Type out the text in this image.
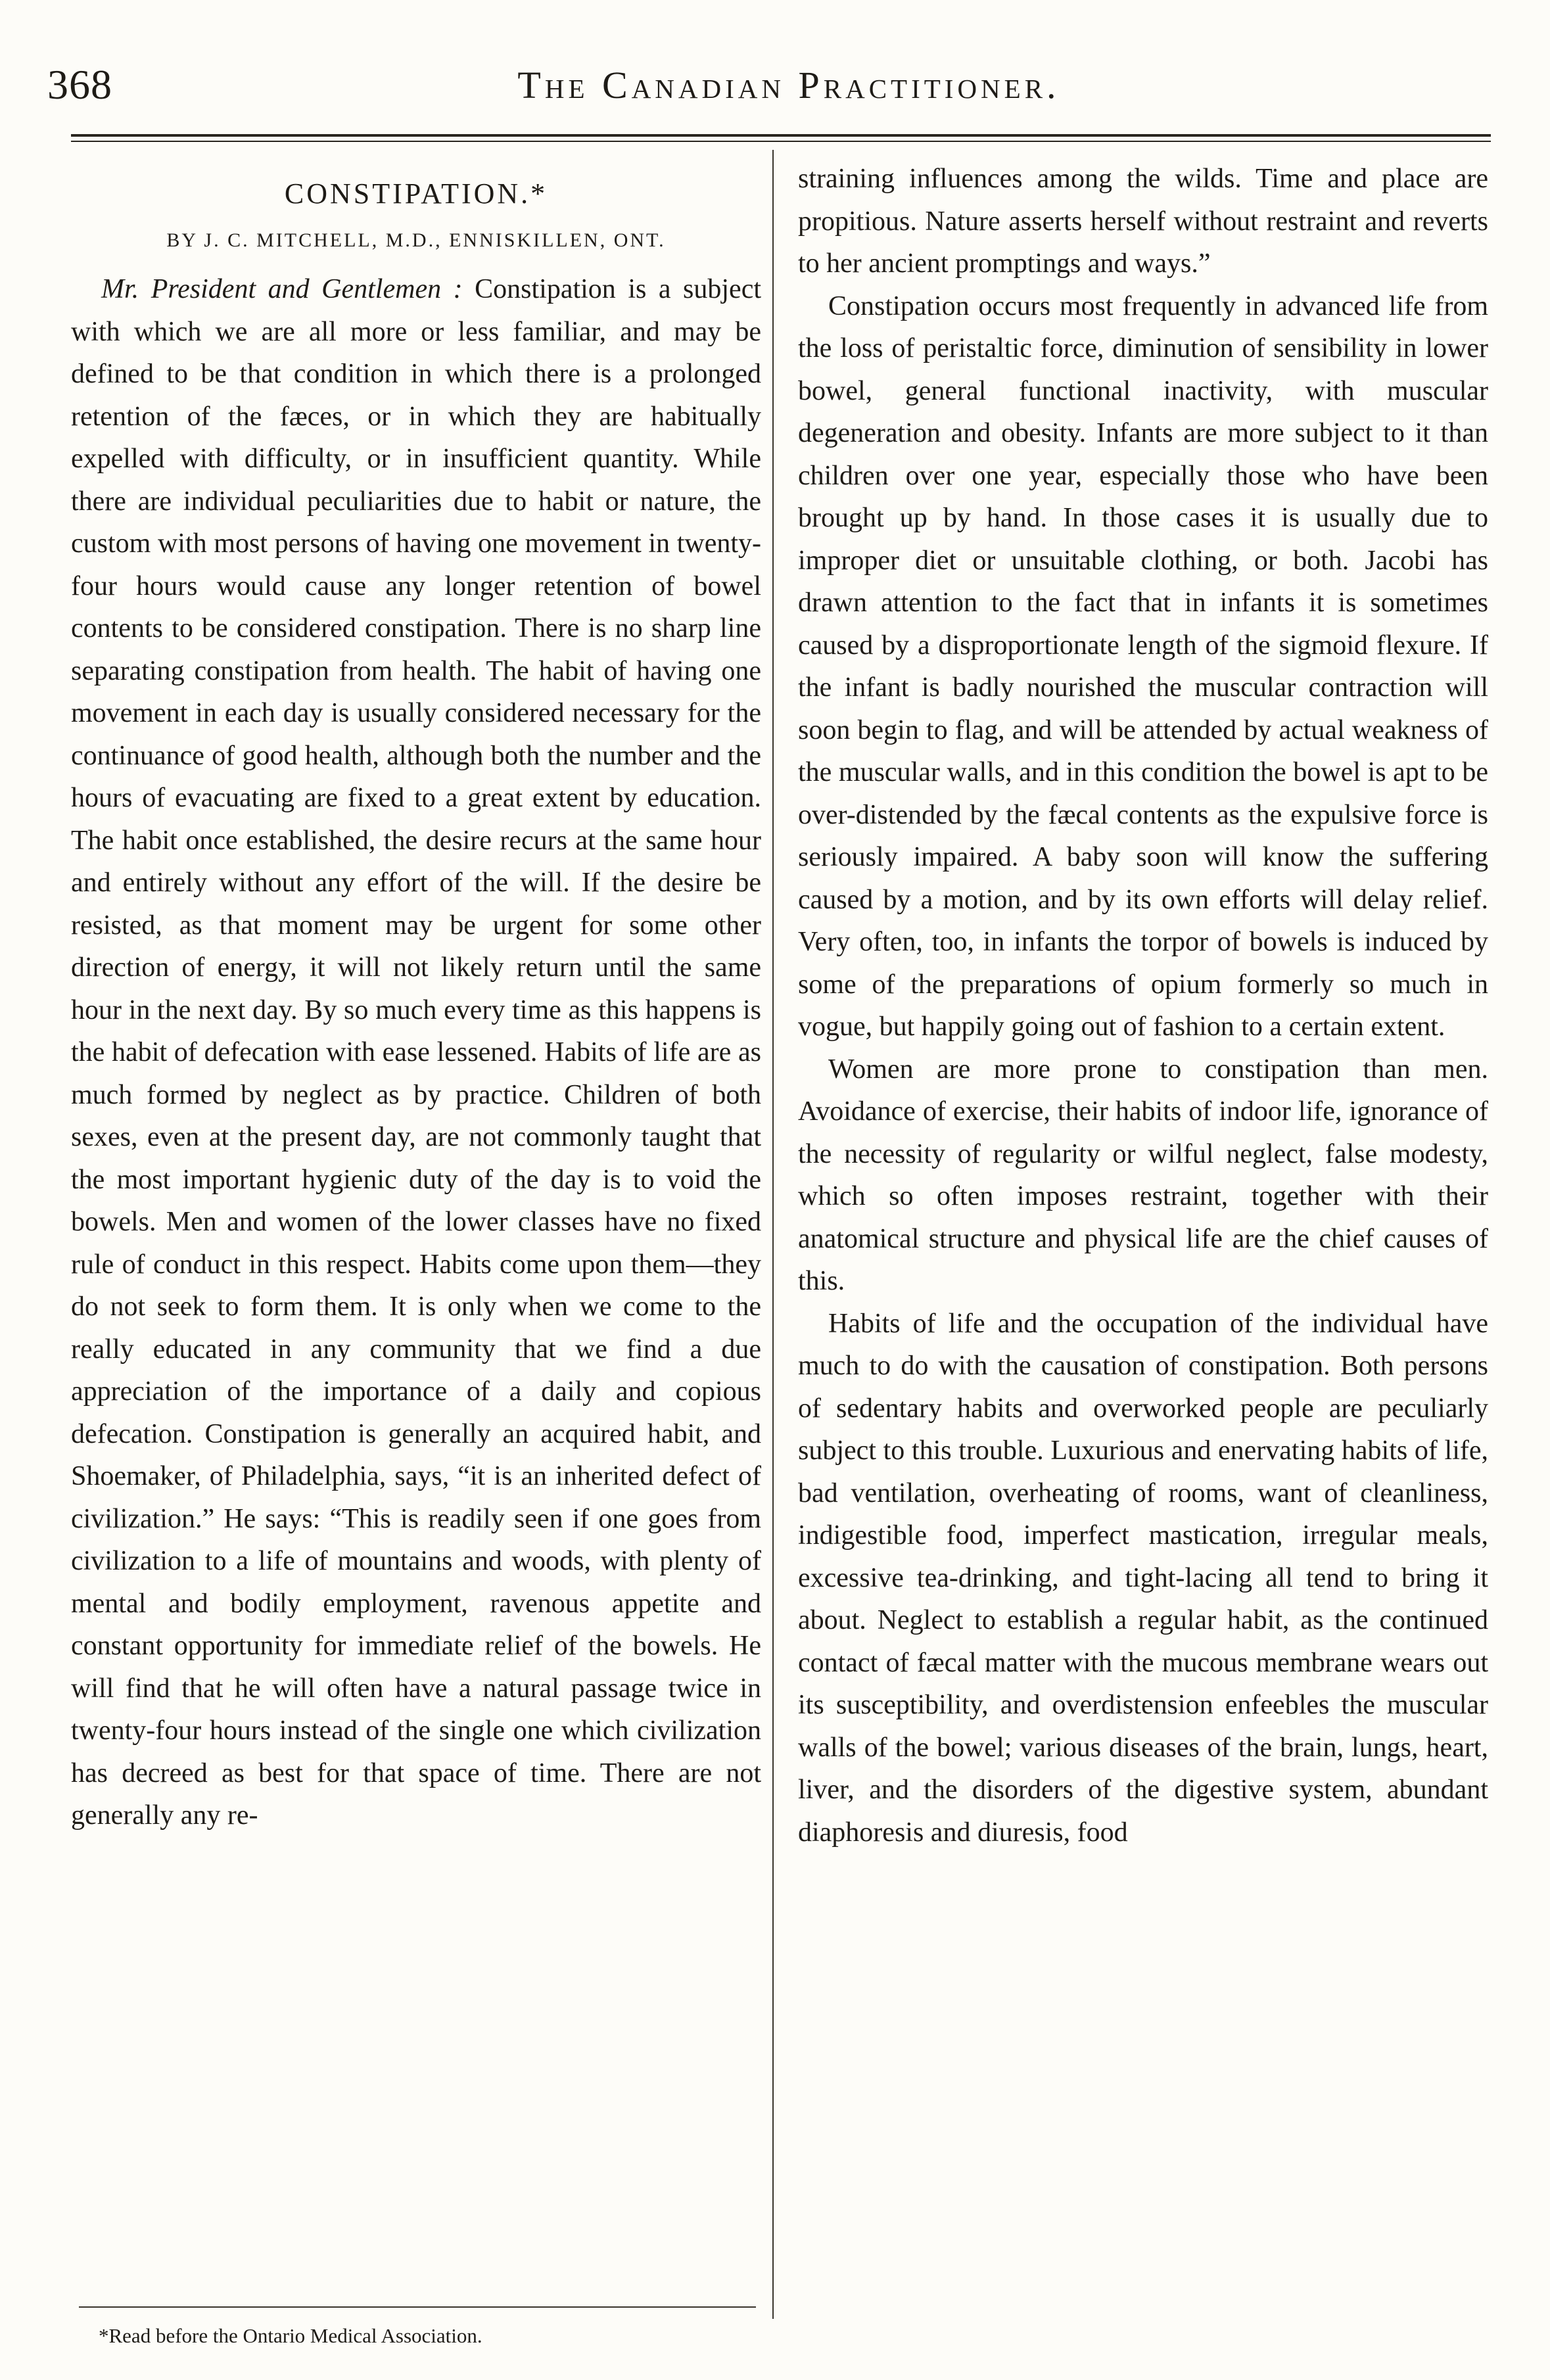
368	The Canadian Practitioner.
CONSTIPATION.*
BY J. C. MITCHELL, M.D., ENNISKILLEN, ONT.

Mr. President and Gentlemen : Constipation is a subject with which we are all more or less familiar, and may be defined to be that condition in which there is a prolonged retention of the fæces, or in which they are habitually expelled with difficulty, or in insufficient quantity. While there are individual peculiarities due to habit or nature, the custom with most persons of having one movement in twenty-four hours would cause any longer retention of bowel contents to be considered constipation. There is no sharp line separating constipation from health. The habit of having one movement in each day is usually considered necessary for the continuance of good health, although both the number and the hours of evacuating are fixed to a great extent by education. The habit once established, the desire recurs at the same hour and entirely without any effort of the will. If the desire be resisted, as that moment may be urgent for some other direction of energy, it will not likely return until the same hour in the next day. By so much every time as this happens is the habit of defecation with ease lessened. Habits of life are as much formed by neglect as by practice. Children of both sexes, even at the present day, are not commonly taught that the most important hygienic duty of the day is to void the bowels. Men and women of the lower classes have no fixed rule of conduct in this respect. Habits come upon them—they do not seek to form them. It is only when we come to the really educated in any community that we find a due appreciation of the importance of a daily and copious defecation. Constipation is generally an acquired habit, and Shoemaker, of Philadelphia, says, “it is an inherited defect of civilization.” He says: “This is readily seen if one goes from civilization to a life of mountains and woods, with plenty of mental and bodily employment, ravenous appetite and constant opportunity for immediate relief of the bowels. He will find that he will often have a natural passage twice in twenty-four hours instead of the single one which civilization has decreed as best for that space of time. There are not generally any re-

straining influences among the wilds. Time and place are propitious. Nature asserts herself without restraint and reverts to her ancient promptings and ways.”

Constipation occurs most frequently in advanced life from the loss of peristaltic force, diminution of sensibility in lower bowel, general functional inactivity, with muscular degeneration and obesity. Infants are more subject to it than children over one year, especially those who have been brought up by hand. In those cases it is usually due to improper diet or unsuitable clothing, or both. Jacobi has drawn attention to the fact that in infants it is sometimes caused by a disproportionate length of the sigmoid flexure. If the infant is badly nourished the muscular contraction will soon begin to flag, and will be attended by actual weakness of the muscular walls, and in this condition the bowel is apt to be over-distended by the fæcal contents as the expulsive force is seriously impaired. A baby soon will know the suffering caused by a motion, and by its own efforts will delay relief. Very often, too, in infants the torpor of bowels is induced by some of the preparations of opium formerly so much in vogue, but happily going out of fashion to a certain extent.

Women are more prone to constipation than men. Avoidance of exercise, their habits of indoor life, ignorance of the necessity of regularity or wilful neglect, false modesty, which so often imposes restraint, together with their anatomical structure and physical life are the chief causes of this.

Habits of life and the occupation of the individual have much to do with the causation of constipation. Both persons of sedentary habits and overworked people are peculiarly subject to this trouble. Luxurious and enervating habits of life, bad ventilation, overheating of rooms, want of cleanliness, indigestible food, imperfect mastication, irregular meals, excessive tea-drinking, and tight-lacing all tend to bring it about. Neglect to establish a regular habit, as the continued contact of fæcal matter with the mucous membrane wears out its susceptibility, and overdistension enfeebles the muscular walls of the bowel; various diseases of the brain, lungs, heart, liver, and the disorders of the digestive system, abundant diaphoresis and diuresis, food

*Read before the Ontario Medical Association.
